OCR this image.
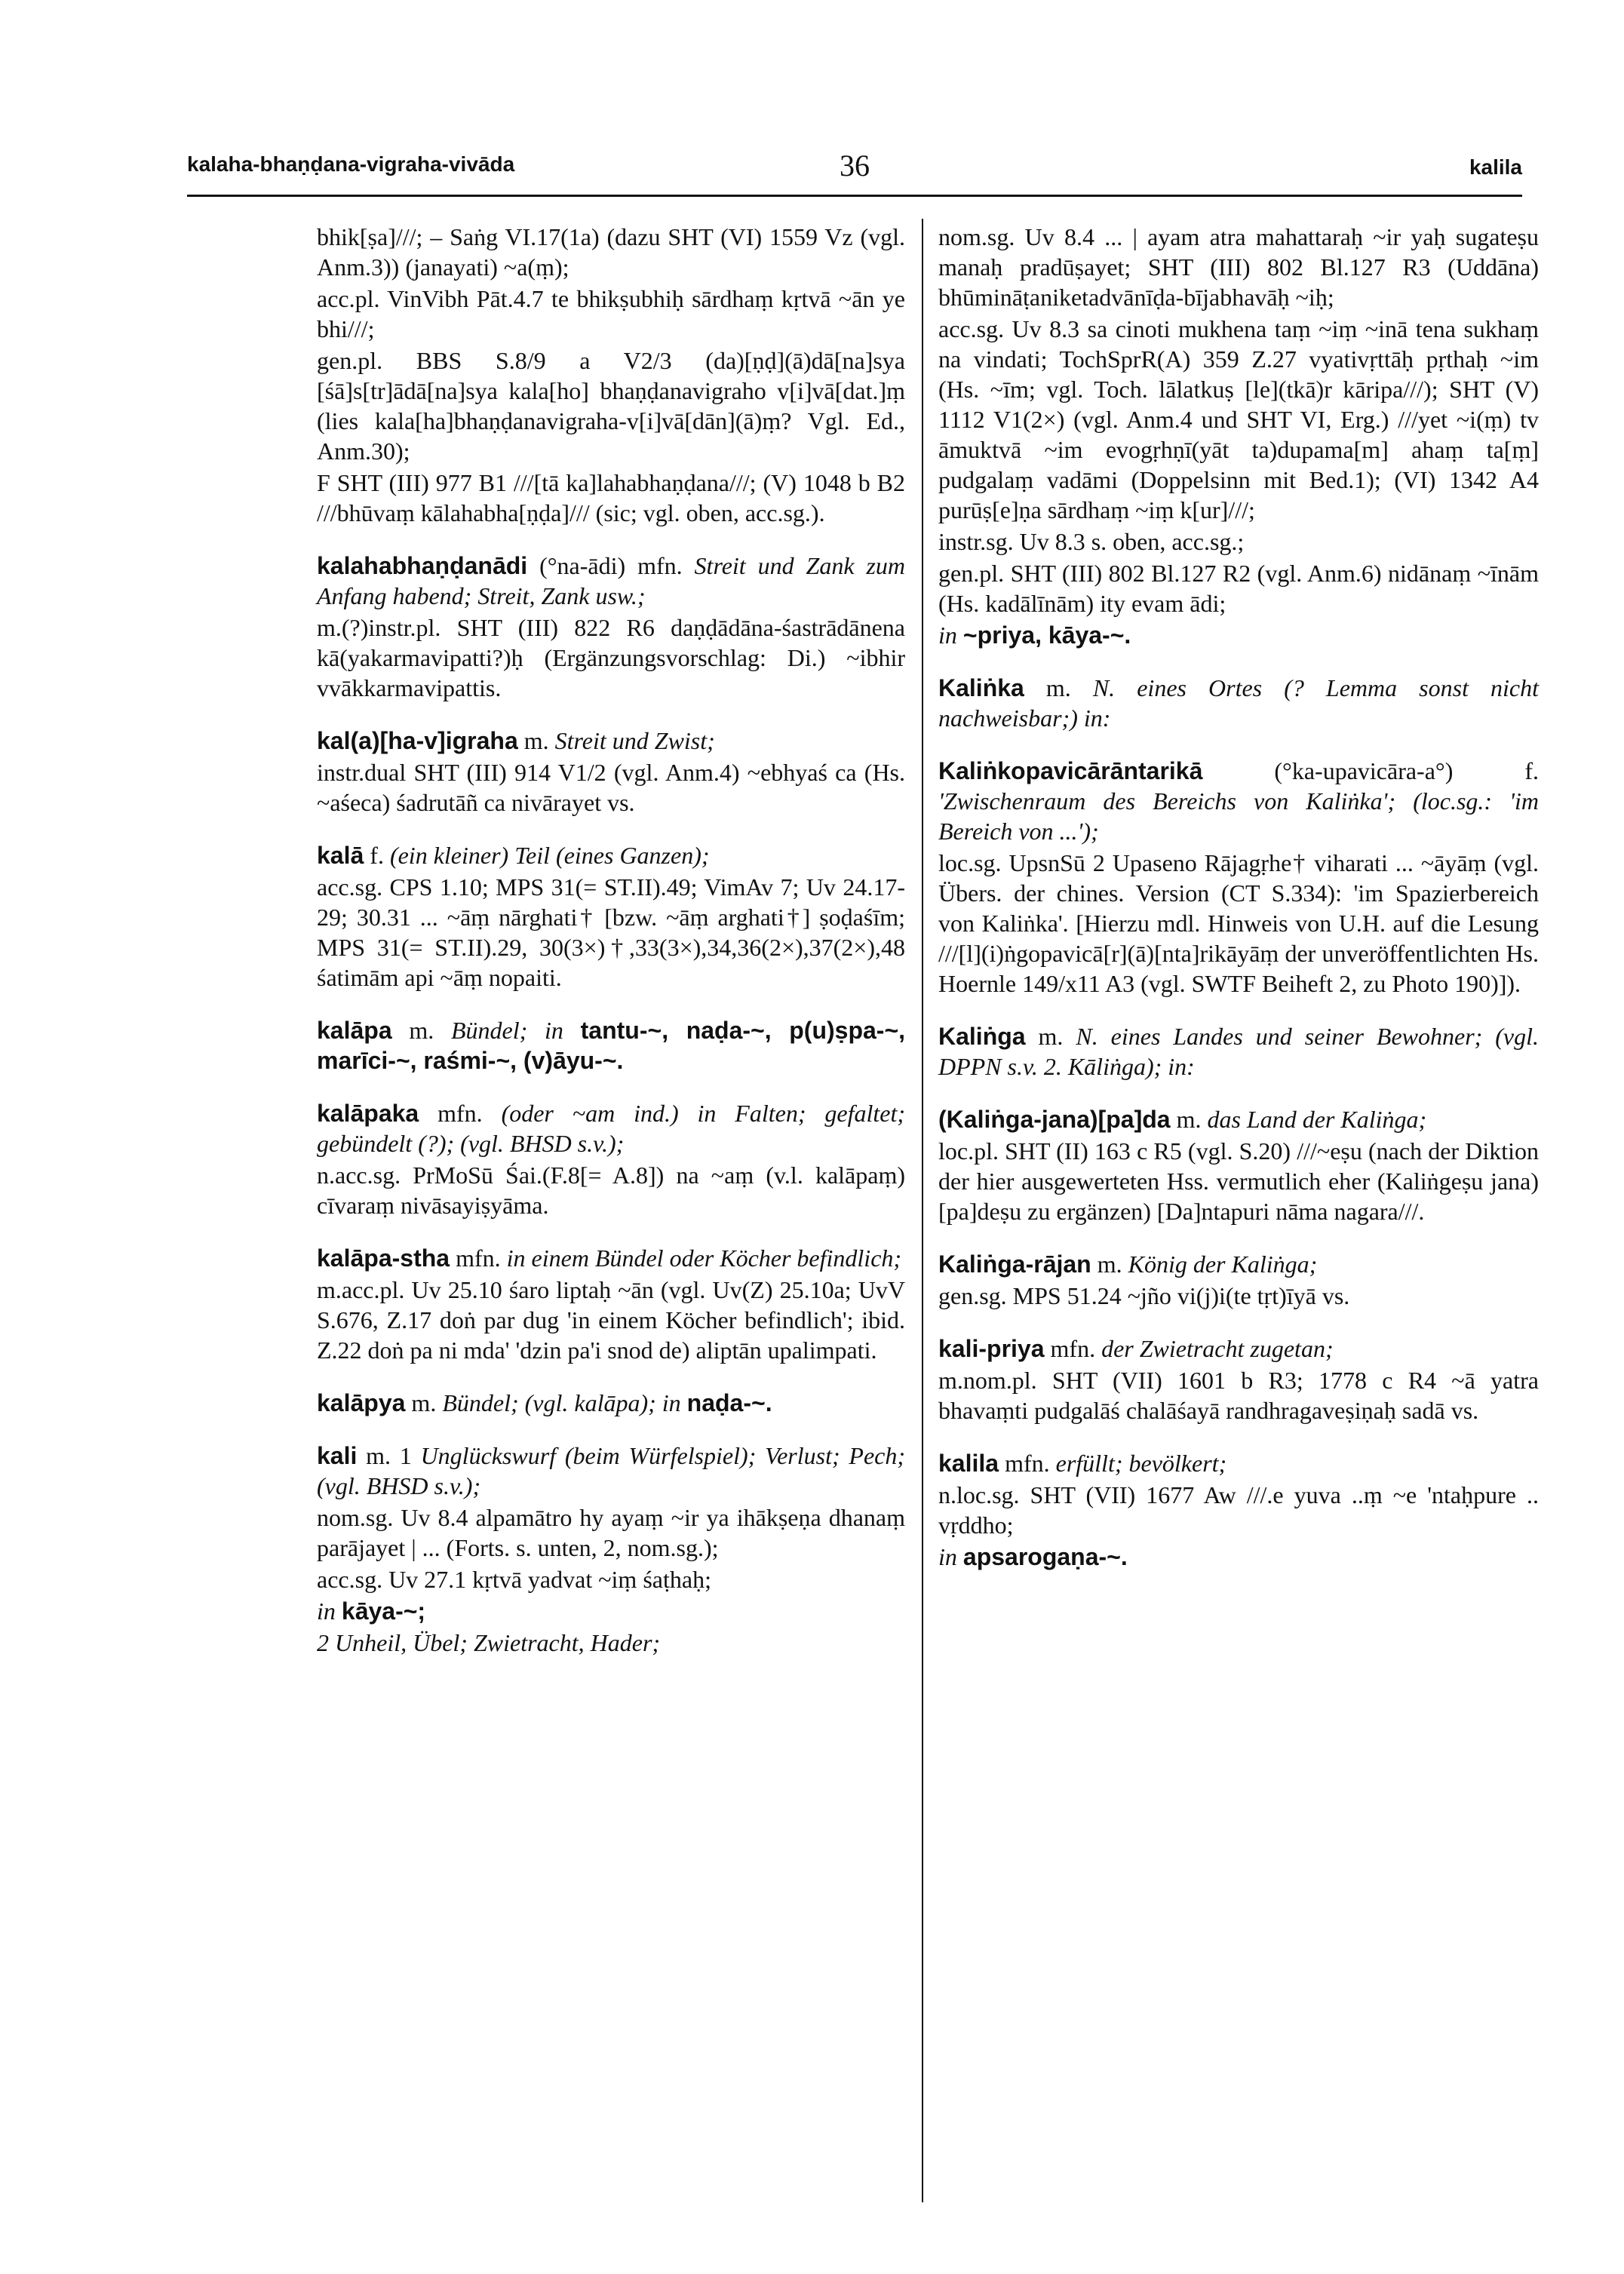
kalaha-bhaṇḍana-vigraha-vivāda	36	kalila

bhik[ṣa]///; – Saṅg VI.17(1a) (dazu SHT (VI) 1559 Vz (vgl. Anm.3)) (janayati) ~a(ṃ);

acc.pl. VinVibh Pāt.4.7 te bhikṣubhiḥ sārdhaṃ kṛtvā ~ān ye bhi///;

gen.pl. BBS S.8/9 a V2/3 (da)[ṇḍ](ā)dā[na]sya [śā]s[tr]ādā[na]sya kala[ho] bhaṇḍanavigraho v[i]vā[dat.]ṃ (lies kala[ha]bhaṇḍanavigraha-v[i]vā[dān](ā)ṃ? Vgl. Ed., Anm.30);

F SHT (III) 977 B1 ///[tā ka]lahabhaṇḍana///; (V) 1048 b B2 ///bhūvaṃ kālahabha[ṇḍa]/// (sic; vgl. oben, acc.sg.).

kalahabhaṇḍanādi (°na-ādi) mfn. Streit und Zank zum Anfang habend; Streit, Zank usw.;

m.(?)instr.pl. SHT (III) 822 R6 daṇḍādāna-śastrādānena kā(yakarmavipatti?)ḥ (Ergänzungsvorschlag: Di.) ~ibhir vvākkarmavipattis.

kal(a)[ha-v]igraha m. Streit und Zwist;

instr.dual SHT (III) 914 V1/2 (vgl. Anm.4) ~ebhyaś ca (Hs. ~aśeca) śadrutāñ ca nivārayet vs.

kalā f. (ein kleiner) Teil (eines Ganzen);

acc.sg. CPS 1.10; MPS 31(= ST.II).49; VimAv 7; Uv 24.17-29; 30.31 ... ~āṃ nārghati† [bzw. ~āṃ arghati†] ṣoḍaśīm; MPS 31(= ST.II).29, 30(3×)†,33(3×),34,36(2×),37(2×),48 śatimām api ~āṃ nopaiti.

kalāpa m. Bündel; in tantu-~, naḍa-~, p(u)ṣpa-~, marīci-~, raśmi-~, (v)āyu-~.

kalāpaka mfn. (oder ~am ind.) in Falten; gefaltet; gebündelt (?); (vgl. BHSD s.v.);

n.acc.sg. PrMoSū Śai.(F.8[= A.8]) na ~aṃ (v.l. kalāpaṃ) cīvaraṃ nivāsayiṣyāma.

kalāpa-stha mfn. in einem Bündel oder Köcher befindlich;

m.acc.pl. Uv 25.10 śaro liptaḥ ~ān (vgl. Uv(Z) 25.10a; UvV S.676, Z.17 doṅ par dug 'in einem Köcher befindlich'; ibid. Z.22 doṅ pa ni mda' 'dzin pa'i snod de) aliptān upalimpati.

kalāpya m. Bündel; (vgl. kalāpa); in naḍa-~.

kali m. 1 Unglückswurf (beim Würfelspiel); Verlust; Pech; (vgl. BHSD s.v.);

nom.sg. Uv 8.4 alpamātro hy ayaṃ ~ir ya ihākṣeṇa dhanaṃ parājayet | ... (Forts. s. unten, 2, nom.sg.);

acc.sg. Uv 27.1 kṛtvā yadvat ~iṃ śaṭhaḥ;

in kāya-~;

2 Unheil, Übel; Zwietracht, Hader;

nom.sg. Uv 8.4 ... | ayam atra mahattaraḥ ~ir yaḥ sugateṣu manaḥ pradūṣayet; SHT (III) 802 Bl.127 R3 (Uddāna) bhūmināṭaniketadvānīḍa-bījabhavāḥ ~iḥ;

acc.sg. Uv 8.3 sa cinoti mukhena taṃ ~iṃ ~inā tena sukhaṃ na vindati; TochSprR(A) 359 Z.27 vyativṛttāḥ pṛthaḥ ~im (Hs. ~īm; vgl. Toch. lālatkuṣ [le](tkā)r kāripa///); SHT (V) 1112 V1(2×) (vgl. Anm.4 und SHT VI, Erg.) ///yet ~i(ṃ) tv āmuktvā ~im evogṛhṇī(yāt ta)dupama[m] ahaṃ ta[ṃ] pudgalaṃ vadāmi (Doppelsinn mit Bed.1); (VI) 1342 A4 purūṣ[e]ṇa sārdhaṃ ~iṃ k[ur]///;

instr.sg. Uv 8.3 s. oben, acc.sg.;

gen.pl. SHT (III) 802 Bl.127 R2 (vgl. Anm.6) nidānaṃ ~īnām (Hs. kadālīnām) ity evam ādi;

in ~priya, kāya-~.

Kaliṅka m. N. eines Ortes (? Lemma sonst nicht nachweisbar;) in:

Kaliṅkopavicārāntarikā (°ka-upavicāra-a°) f. 'Zwischenraum des Bereichs von Kaliṅka'; (loc.sg.: 'im Bereich von ...');

loc.sg. UpsnSū 2 Upaseno Rājagṛhe† viharati ... ~āyāṃ (vgl. Übers. der chines. Version (CT S.334): 'im Spazierbereich von Kaliṅka'. [Hierzu mdl. Hinweis von U.H. auf die Lesung ///[l](i)ṅgopavicā[r](ā)[nta]rikāyāṃ der unveröffentlichten Hs. Hoernle 149/x11 A3 (vgl. SWTF Beiheft 2, zu Photo 190)]).

Kaliṅga m. N. eines Landes und seiner Bewohner; (vgl. DPPN s.v. 2. Kāliṅga); in:

(Kaliṅga-jana)[pa]da m. das Land der Kaliṅga;

loc.pl. SHT (II) 163 c R5 (vgl. S.20) ///~eṣu (nach der Diktion der hier ausgewerteten Hss. vermutlich eher (Kaliṅgeṣu jana)[pa]deṣu zu ergänzen) [Da]ntapuri nāma nagara///.

Kaliṅga-rājan m. König der Kaliṅga;

gen.sg. MPS 51.24 ~jño vi(j)i(te tṛt)īyā vs.

kali-priya mfn. der Zwietracht zugetan;

m.nom.pl. SHT (VII) 1601 b R3; 1778 c R4 ~ā yatra bhavaṃti pudgalāś chalāśayā randhragaveṣiṇaḥ sadā vs.

kalila mfn. erfüllt; bevölkert;

n.loc.sg. SHT (VII) 1677 Aw ///.e yuva ..ṃ ~e 'ntaḥpure .. vṛddho;

in apsarogaṇa-~.
